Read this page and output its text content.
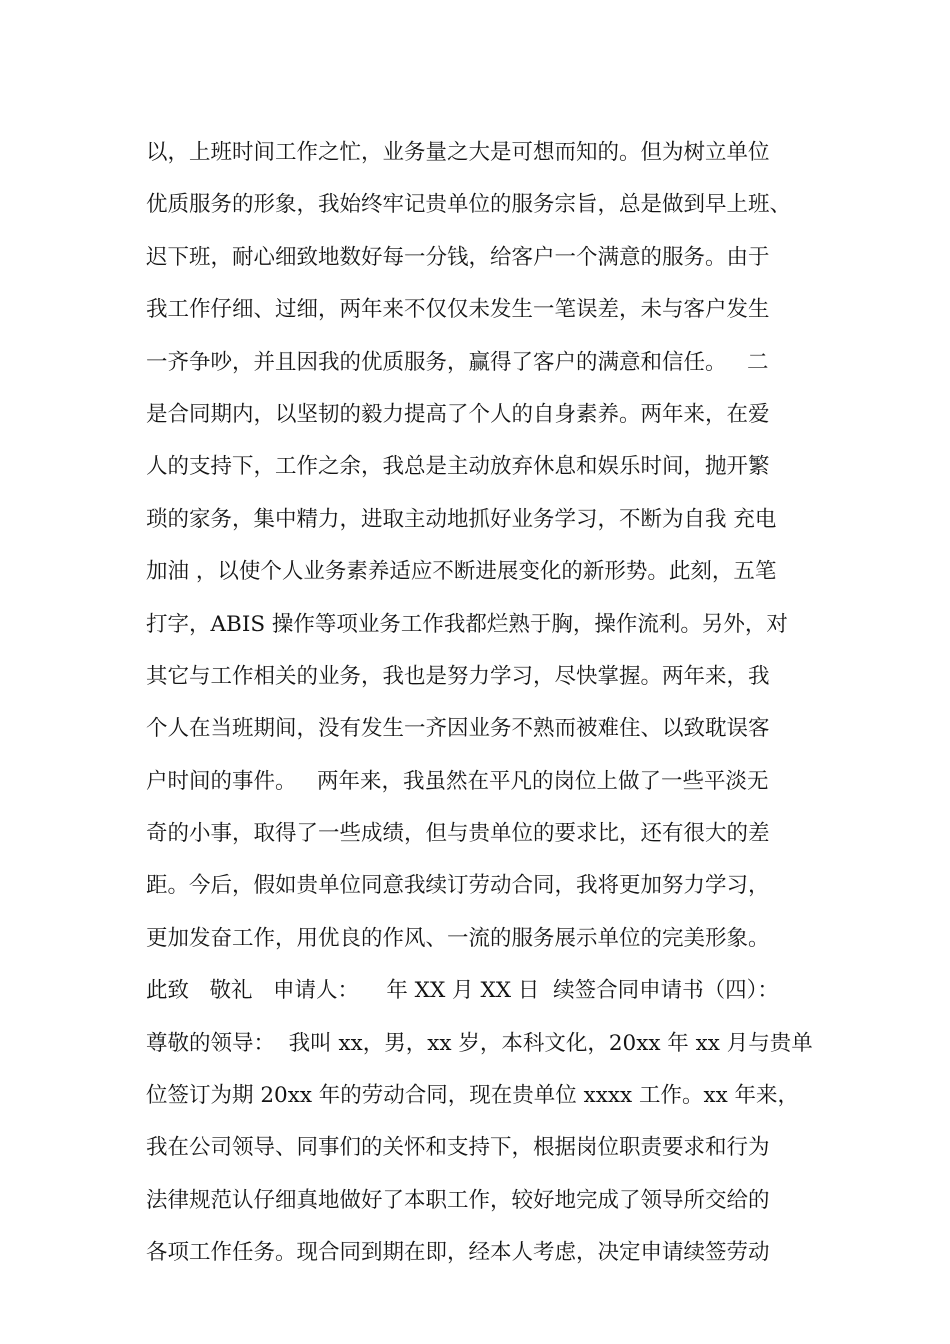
以，上班时间工作之忙，业务量之大是可想而知的。但为树立单位
优质服务的形象，我始终牢记贵单位的服务宗旨，总是做到早上班、
迟下班，耐心细致地数好每一分钱，给客户一个满意的服务。由于
我工作仔细、过细，两年来不仅仅未发生一笔误差，未与客户发生
一齐争吵，并且因我的优质服务，赢得了客户的满意和信任。   二
是合同期内，以坚韧的毅力提高了个人的自身素养。两年来，在爱
人的支持下，工作之余，我总是主动放弃休息和娱乐时间，抛开繁
琐的家务，集中精力，进取主动地抓好业务学习，不断为自我 充电
加油 ，以使个人业务素养适应不断进展变化的新形势。此刻，五笔
打字，ABIS 操作等项业务工作我都烂熟于胸，操作流利。另外，对
其它与工作相关的业务，我也是努力学习，尽快掌握。两年来，我
个人在当班期间，没有发生一齐因业务不熟而被难住、以致耽误客
户时间的事件。   两年来，我虽然在平凡的岗位上做了一些平淡无
奇的小事，取得了一些成绩，但与贵单位的要求比，还有很大的差
距。今后，假如贵单位同意我续订劳动合同，我将更加努力学习，
更加发奋工作，用优良的作风、一流的服务展示单位的完美形象。
此致   敬礼   申请人：    年 XX 月 XX 日  续签合同申请书（四）：
尊敬的领导：  我叫 xx，男，xx 岁，本科文化，20xx 年 xx 月与贵单
位签订为期 20xx 年的劳动合同，现在贵单位 xxxx 工作。xx 年来，
我在公司领导、同事们的关怀和支持下，根据岗位职责要求和行为
法律规范认仔细真地做好了本职工作，较好地完成了领导所交给的
各项工作任务。现合同到期在即，经本人考虑，决定申请续签劳动
